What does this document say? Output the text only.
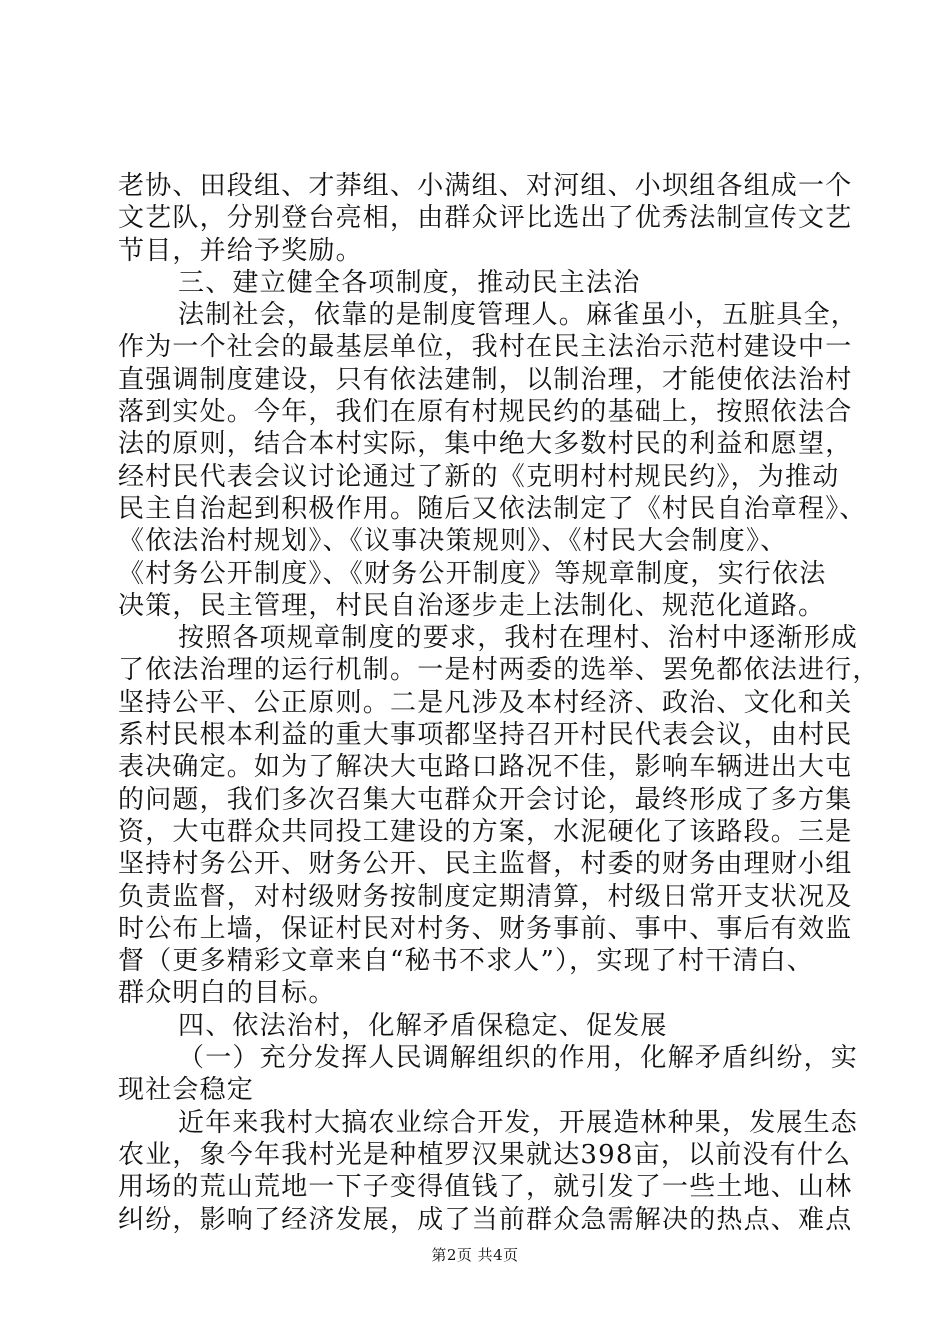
老协、田段组、才莽组、小满组、对河组、小坝组各组成一个
文艺队，分别登台亮相，由群众评比选出了优秀法制宣传文艺
节目，并给予奖励。
三、建立健全各项制度，推动民主法治
法制社会，依靠的是制度管理人。麻雀虽小，五脏具全，
作为一个社会的最基层单位，我村在民主法治示范村建设中一
直强调制度建设，只有依法建制，以制治理，才能使依法治村
落到实处。今年，我们在原有村规民约的基础上，按照依法合
法的原则，结合本村实际，集中绝大多数村民的利益和愿望，
经村民代表会议讨论通过了新的《克明村村规民约》，为推动
民主自治起到积极作用。随后又依法制定了《村民自治章程》、
《依法治村规划》、《议事决策规则》、《村民大会制度》、
《村务公开制度》、《财务公开制度》等规章制度，实行依法
决策，民主管理，村民自治逐步走上法制化、规范化道路。
按照各项规章制度的要求，我村在理村、治村中逐渐形成
了依法治理的运行机制。一是村两委的选举、罢免都依法进行，
坚持公平、公正原则。二是凡涉及本村经济、政治、文化和关
系村民根本利益的重大事项都坚持召开村民代表会议，由村民
表决确定。如为了解决大屯路口路况不佳，影响车辆进出大屯
的问题，我们多次召集大屯群众开会讨论，最终形成了多方集
资，大屯群众共同投工建设的方案，水泥硬化了该路段。三是
坚持村务公开、财务公开、民主监督，村委的财务由理财小组
负责监督，对村级财务按制度定期清算，村级日常开支状况及
时公布上墙，保证村民对村务、财务事前、事中、事后有效监
督（更多精彩文章来自“秘书不求人”），实现了村干清白、
群众明白的目标。
四、依法治村，化解矛盾保稳定、促发展
（一）充分发挥人民调解组织的作用，化解矛盾纠纷，实
现社会稳定
近年来我村大搞农业综合开发，开展造林种果，发展生态
农业，象今年我村光是种植罗汉果就达398亩，以前没有什么
用场的荒山荒地一下子变得值钱了，就引发了一些土地、山林
纠纷，影响了经济发展，成了当前群众急需解决的热点、难点
第2页 共4页
